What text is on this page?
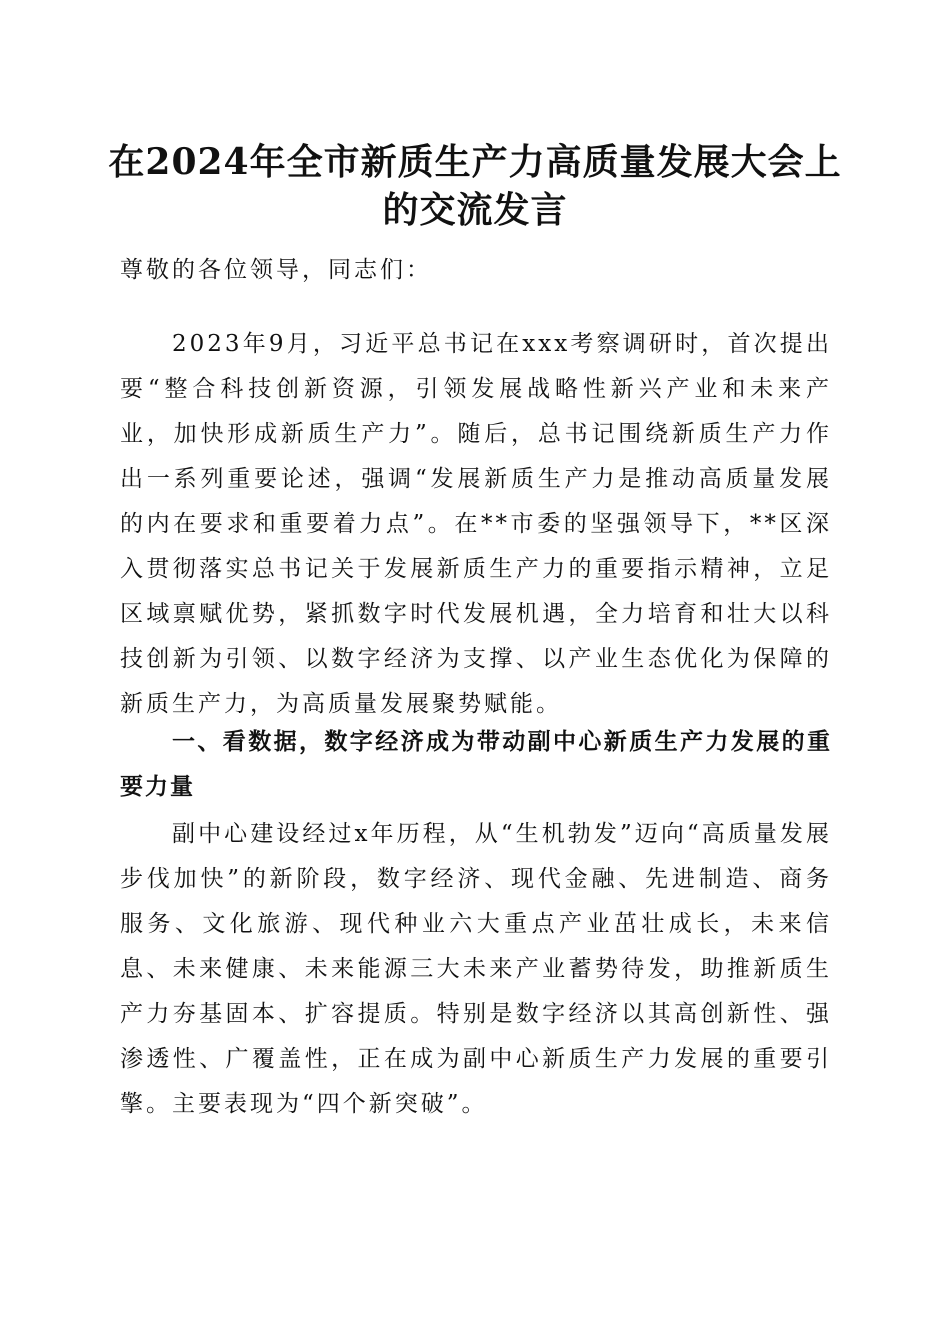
在2024年全市新质生产力高质量发展大会上的交流发言

尊敬的各位领导，同志们：

2023年9月，习近平总书记在xxx考察调研时，首次提出要“整合科技创新资源，引领发展战略性新兴产业和未来产业，加快形成新质生产力”。随后，总书记围绕新质生产力作出一系列重要论述，强调“发展新质生产力是推动高质量发展的内在要求和重要着力点”。在**市委的坚强领导下，**区深入贯彻落实总书记关于发展新质生产力的重要指示精神，立足区域禀赋优势，紧抓数字时代发展机遇，全力培育和壮大以科技创新为引领、以数字经济为支撑、以产业生态优化为保障的新质生产力，为高质量发展聚势赋能。

一、看数据，数字经济成为带动副中心新质生产力发展的重要力量

副中心建设经过x年历程，从“生机勃发”迈向“高质量发展步伐加快”的新阶段，数字经济、现代金融、先进制造、商务服务、文化旅游、现代种业六大重点产业茁壮成长，未来信息、未来健康、未来能源三大未来产业蓄势待发，助推新质生产力夯基固本、扩容提质。特别是数字经济以其高创新性、强渗透性、广覆盖性，正在成为副中心新质生产力发展的重要引擎。主要表现为“四个新突破”。
